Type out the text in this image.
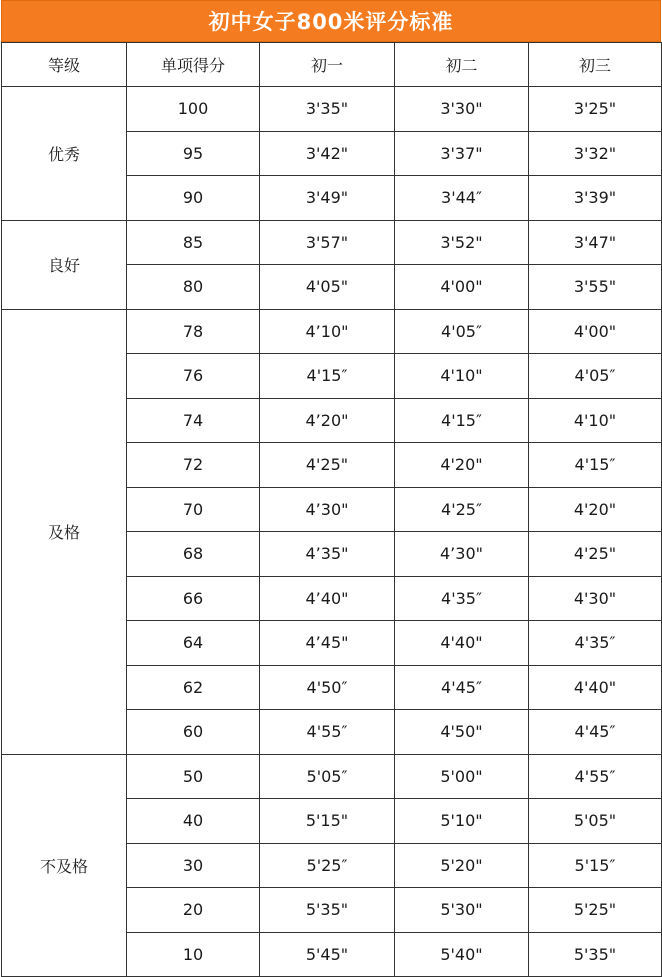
初中女子800米评分标准
等级	单项得分	初一	初二	初三
优秀	100	3'35"	3'30"	3'25"
	95	3'42"	3'37"	3'32"
	90	3'49"	3'44″	3'39"
良好	85	3'57"	3'52"	3'47"
	80	4'05"	4'00"	3'55"
及格	78	4’10"	4'05″	4'00"
	76	4'15″	4'10"	4'05″
	74	4’20"	4'15″	4'10"
	72	4'25"	4'20"	4'15″
	70	4’30"	4'25″	4'20"
	68	4’35"	4’30"	4'25"
	66	4’40"	4'35″	4'30"
	64	4’45"	4'40"	4'35″
	62	4'50″	4'45″	4'40"
	60	4'55″	4'50"	4'45″
不及格	50	5'05″	5'00"	4'55″
	40	5'15"	5'10"	5'05"
	30	5'25″	5'20"	5'15″
	20	5'35"	5'30"	5'25"
	10	5'45"	5'40"	5'35"
